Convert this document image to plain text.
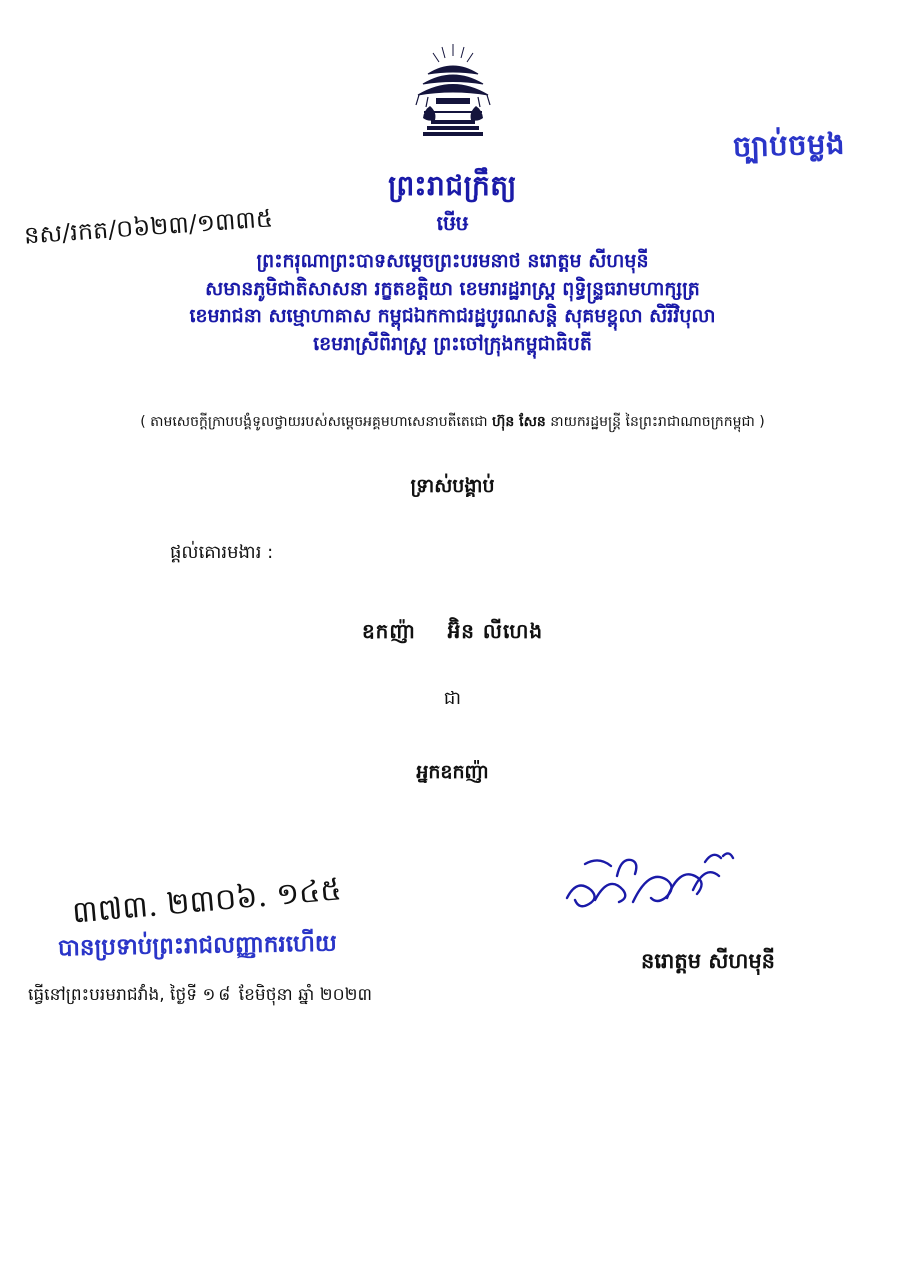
ច្បាប់ចម្លង
នស/រកត/០៦២៣/១៣៣៥
ព្រះរាជក្រឹត្យ
ឞើឞ
ព្រះករុណាព្រះបាទសម្ដេចព្រះបរមនាថ នរោត្តម សីហមុនី
សមានភូមិជាតិសាសនា រក្ខតខត្តិយា ខេមរារដ្ឋរាស្ត្រ ពុទ្ធិន្ទ្រធរាមហាក្សត្រ
ខេមរាជនា សម្មោហាគាស កម្ពុជឯកកាជរដ្ឋបូរណសន្តិ សុគមខ្ពុលា សិរីវិបុលា
ខេមរាស្រីពិរាស្ត្រ ព្រះចៅក្រុងកម្ពុជាធិបតី
( តាមសេចក្ដីក្រាបបង្គំទូលថ្វាយរបស់សម្ដេចអគ្គមហាសេនាបតីតេជោ ហ៊ុន សែន នាយករដ្ឋមន្ត្រី នៃព្រះរាជាណាចក្រកម្ពុជា )
ទ្រាស់បង្គាប់
ផ្ដល់គោរមងារ :
ឧកញ៉ា អ៊ិន លីហេង
ជា
អ្នកឧកញ៉ា
នរោត្តម សីហមុនី
៣៧៣. ២៣០៦. ១៤៥
បានប្រទាប់ព្រះរាជលញ្ញាករហើយ
ធ្វើនៅព្រះបរមរាជវាំង, ថ្ងៃទី ១៨ ខែមិថុនា ឆ្នាំ ២០២៣
